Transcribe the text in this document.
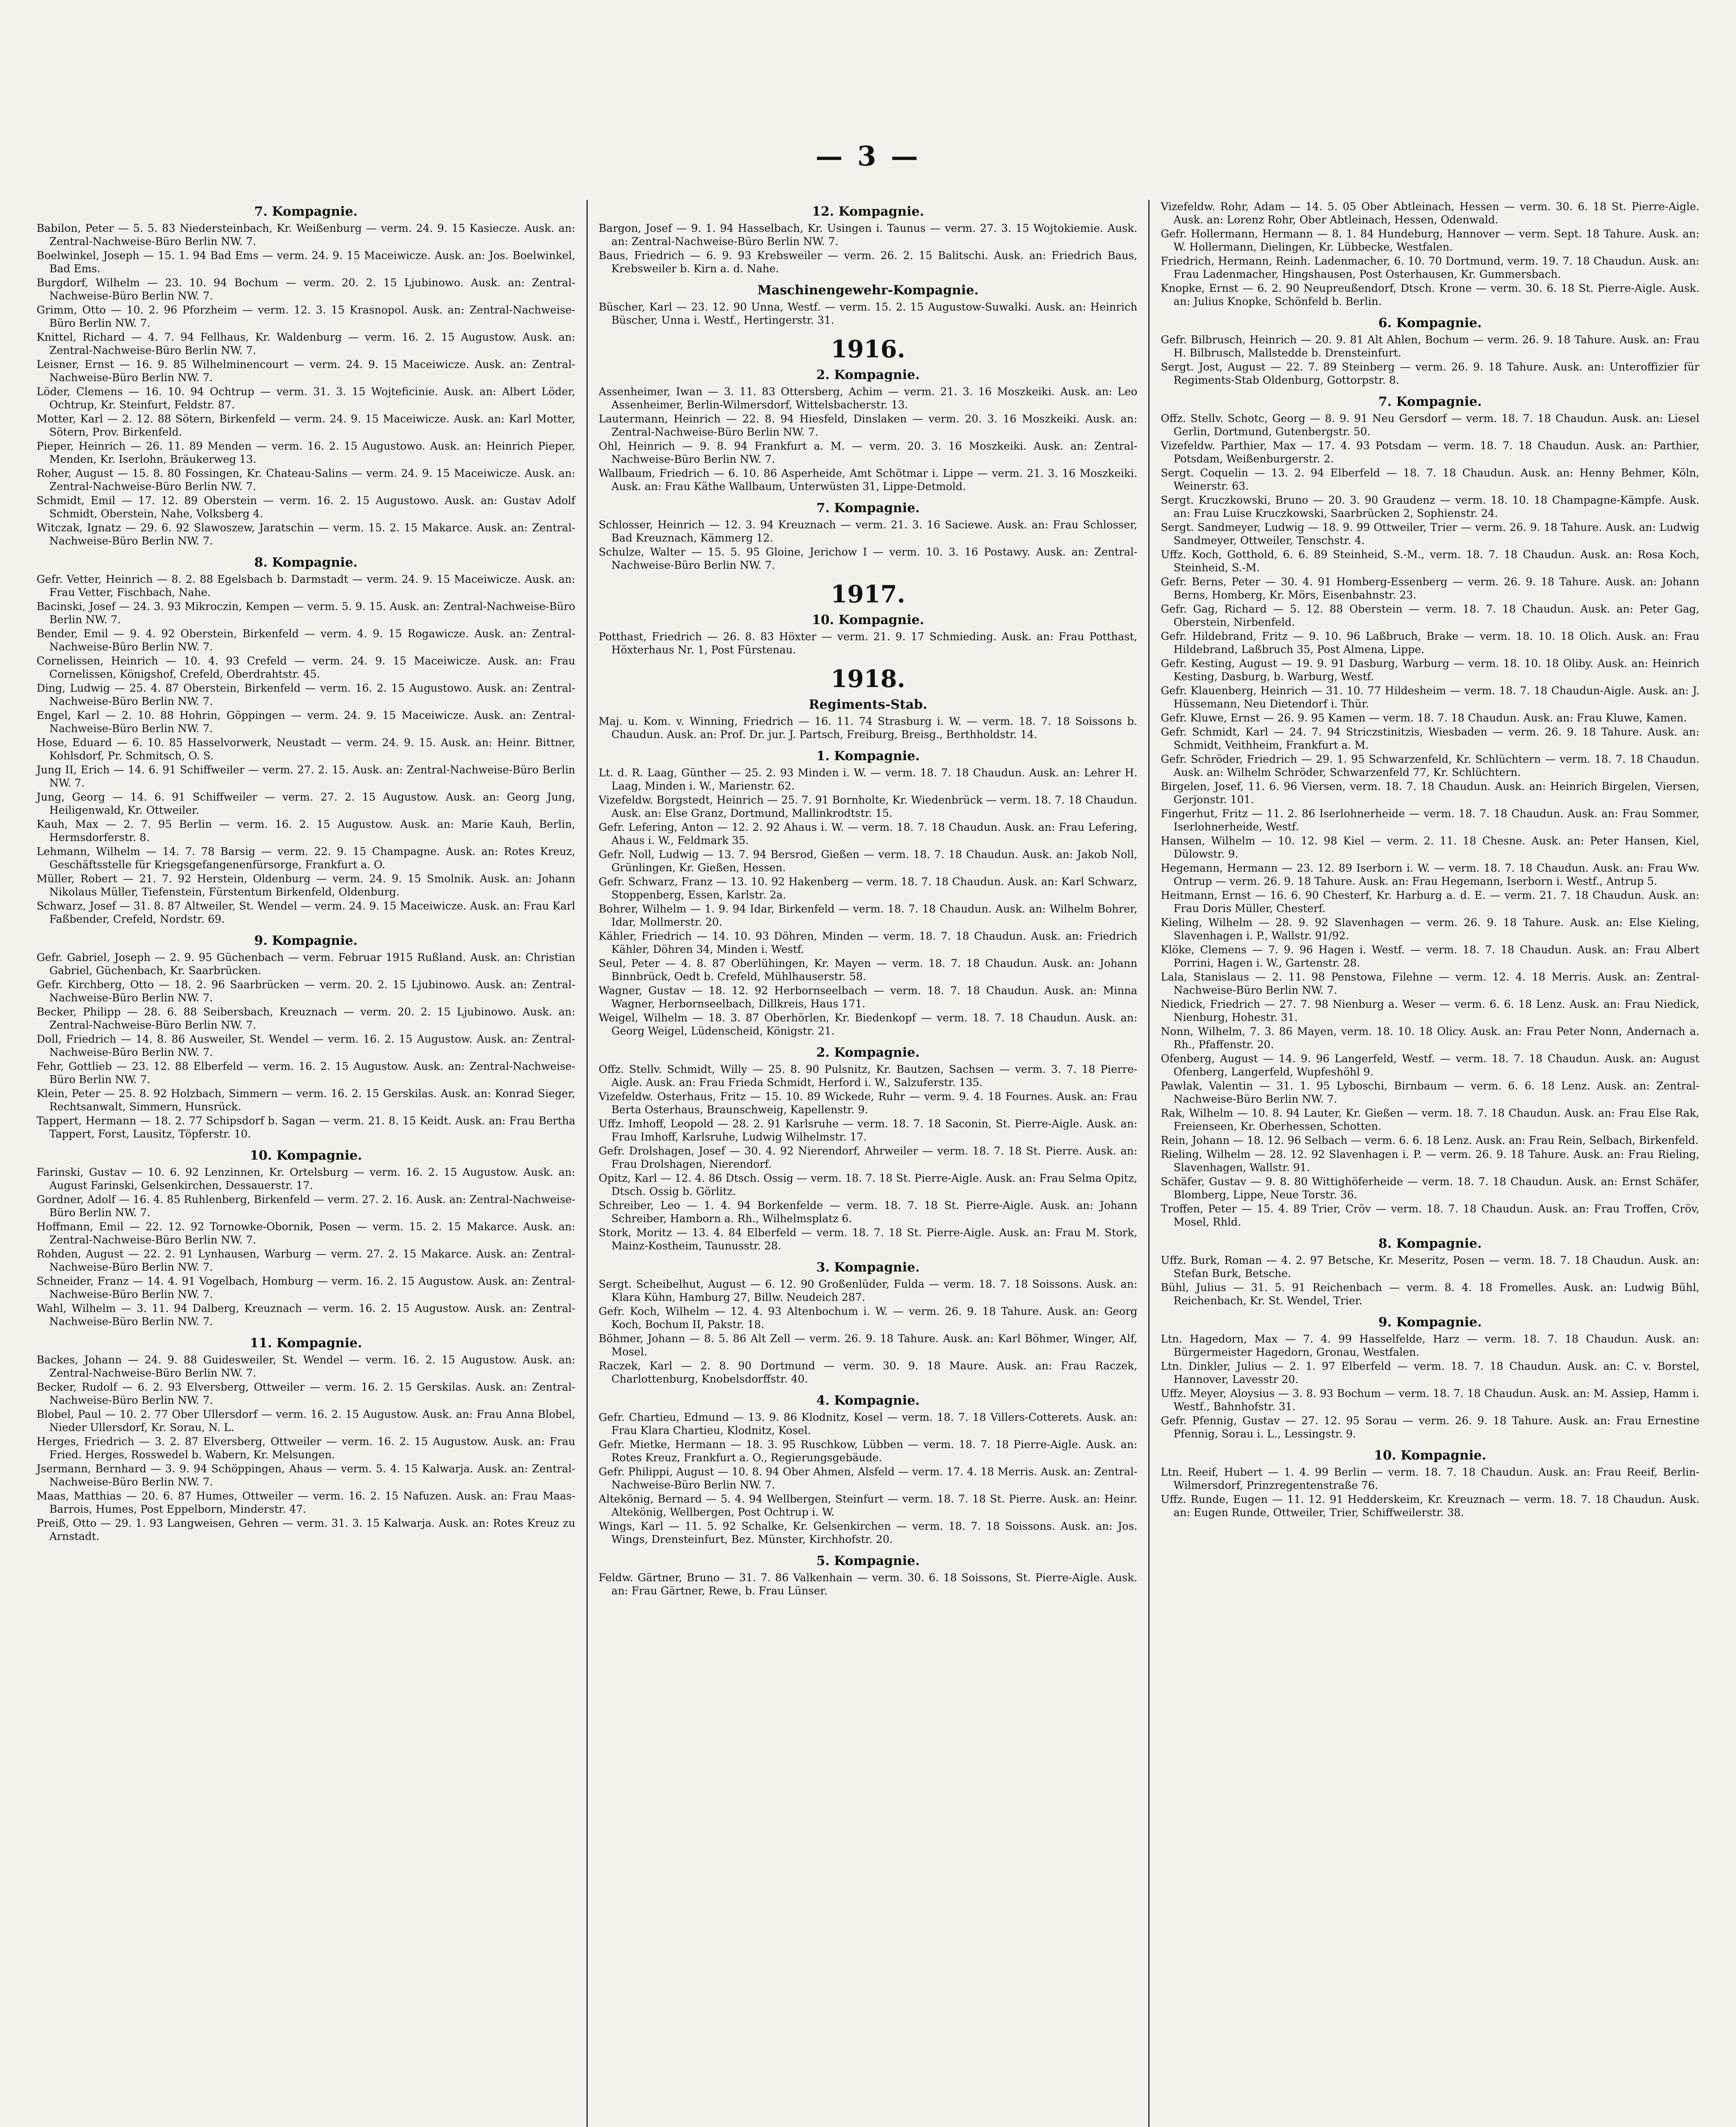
— 3 —
7. Kompagnie.
Babilon, Peter — 5. 5. 83 Niedersteinbach, Kr. Weißenburg — verm. 24. 9. 15 Kasiecze. Ausk. an: Zentral-Nachweise-Büro Berlin NW. 7.
Boelwinkel, Joseph — 15. 1. 94 Bad Ems — verm. 24. 9. 15 Maceiwicze. Ausk. an: Jos. Boelwinkel, Bad Ems.
Burgdorf, Wilhelm — 23. 10. 94 Bochum — verm. 20. 2. 15 Ljubinowo. Ausk. an: Zentral-Nachweise-Büro Berlin NW. 7.
Grimm, Otto — 10. 2. 96 Pforzheim — verm. 12. 3. 15 Krasnopol. Ausk. an: Zentral-Nachweise-Büro Berlin NW. 7.
Knittel, Richard — 4. 7. 94 Fellhaus, Kr. Waldenburg — verm. 16. 2. 15 Augustow. Ausk. an: Zentral-Nachweise-Büro Berlin NW. 7.
Leisner, Ernst — 16. 9. 85 Wilhelminencourt — verm. 24. 9. 15 Maceiwicze. Ausk. an: Zentral-Nachweise-Büro Berlin NW. 7.
Löder, Clemens — 16. 10. 94 Ochtrup — verm. 31. 3. 15 Wojteficinie. Ausk. an: Albert Löder, Ochtrup, Kr. Steinfurt, Feldstr. 87.
Motter, Karl — 2. 12. 88 Sötern, Birkenfeld — verm. 24. 9. 15 Maceiwicze. Ausk. an: Karl Motter, Sötern, Prov. Birkenfeld.
Pieper, Heinrich — 26. 11. 89 Menden — verm. 16. 2. 15 Augustowo. Ausk. an: Heinrich Pieper, Menden, Kr. Iserlohn, Bräukerweg 13.
Roher, August — 15. 8. 80 Fossingen, Kr. Chateau-Salins — verm. 24. 9. 15 Maceiwicze. Ausk. an: Zentral-Nachweise-Büro Berlin NW. 7.
Schmidt, Emil — 17. 12. 89 Oberstein — verm. 16. 2. 15 Augustowo. Ausk. an: Gustav Adolf Schmidt, Oberstein, Nahe, Volksberg 4.
Witczak, Ignatz — 29. 6. 92 Slawoszew, Jaratschin — verm. 15. 2. 15 Makarce. Ausk. an: Zentral-Nachweise-Büro Berlin NW. 7.
8. Kompagnie.
Gefr. Vetter, Heinrich — 8. 2. 88 Egelsbach b. Darmstadt — verm. 24. 9. 15 Maceiwicze. Ausk. an: Frau Vetter, Fischbach, Nahe.
Bacinski, Josef — 24. 3. 93 Mikroczin, Kempen — verm. 5. 9. 15. Ausk. an: Zentral-Nachweise-Büro Berlin NW. 7.
Bender, Emil — 9. 4. 92 Oberstein, Birkenfeld — verm. 4. 9. 15 Rogawicze. Ausk. an: Zentral-Nachweise-Büro Berlin NW. 7.
Cornelissen, Heinrich — 10. 4. 93 Crefeld — verm. 24. 9. 15 Maceiwicze. Ausk. an: Frau Cornelissen, Königshof, Crefeld, Oberdrahtstr. 45.
Ding, Ludwig — 25. 4. 87 Oberstein, Birkenfeld — verm. 16. 2. 15 Augustowo. Ausk. an: Zentral-Nachweise-Büro Berlin NW. 7.
Engel, Karl — 2. 10. 88 Hohrin, Göppingen — verm. 24. 9. 15 Maceiwicze. Ausk. an: Zentral-Nachweise-Büro Berlin NW. 7.
Hose, Eduard — 6. 10. 85 Hasselvorwerk, Neustadt — verm. 24. 9. 15. Ausk. an: Heinr. Bittner, Kohlsdorf, Pr. Schmitsch, O. S.
Jung II, Erich — 14. 6. 91 Schiffweiler — verm. 27. 2. 15. Ausk. an: Zentral-Nachweise-Büro Berlin NW. 7.
Jung, Georg — 14. 6. 91 Schiffweiler — verm. 27. 2. 15 Augustow. Ausk. an: Georg Jung, Heiligenwald, Kr. Ottweiler.
Kauh, Max — 2. 7. 95 Berlin — verm. 16. 2. 15 Augustow. Ausk. an: Marie Kauh, Berlin, Hermsdorferstr. 8.
Lehmann, Wilhelm — 14. 7. 78 Barsig — verm. 22. 9. 15 Champagne. Ausk. an: Rotes Kreuz, Geschäftsstelle für Kriegsgefangenenfürsorge, Frankfurt a. O.
Müller, Robert — 21. 7. 92 Herstein, Oldenburg — verm. 24. 9. 15 Smolnik. Ausk. an: Johann Nikolaus Müller, Tiefenstein, Fürstentum Birkenfeld, Oldenburg.
Schwarz, Josef — 31. 8. 87 Altweiler, St. Wendel — verm. 24. 9. 15 Maceiwicze. Ausk. an: Frau Karl Faßbender, Crefeld, Nordstr. 69.
9. Kompagnie.
Gefr. Gabriel, Joseph — 2. 9. 95 Güchenbach — verm. Februar 1915 Rußland. Ausk. an: Christian Gabriel, Güchenbach, Kr. Saarbrücken.
Gefr. Kirchberg, Otto — 18. 2. 96 Saarbrücken — verm. 20. 2. 15 Ljubinowo. Ausk. an: Zentral-Nachweise-Büro Berlin NW. 7.
Becker, Philipp — 28. 6. 88 Seibersbach, Kreuznach — verm. 20. 2. 15 Ljubinowo. Ausk. an: Zentral-Nachweise-Büro Berlin NW. 7.
Doll, Friedrich — 14. 8. 86 Ausweiler, St. Wendel — verm. 16. 2. 15 Augustow. Ausk. an: Zentral-Nachweise-Büro Berlin NW. 7.
Fehr, Gottlieb — 23. 12. 88 Elberfeld — verm. 16. 2. 15 Augustow. Ausk. an: Zentral-Nachweise-Büro Berlin NW. 7.
Klein, Peter — 25. 8. 92 Holzbach, Simmern — verm. 16. 2. 15 Gerskilas. Ausk. an: Konrad Sieger, Rechtsanwalt, Simmern, Hunsrück.
Tappert, Hermann — 18. 2. 77 Schipsdorf b. Sagan — verm. 21. 8. 15 Keidt. Ausk. an: Frau Bertha Tappert, Forst, Lausitz, Töpferstr. 10.
10. Kompagnie.
Farinski, Gustav — 10. 6. 92 Lenzinnen, Kr. Ortelsburg — verm. 16. 2. 15 Augustow. Ausk. an: August Farinski, Gelsenkirchen, Dessauerstr. 17.
Gordner, Adolf — 16. 4. 85 Ruhlenberg, Birkenfeld — verm. 27. 2. 16. Ausk. an: Zentral-Nachweise-Büro Berlin NW. 7.
Hoffmann, Emil — 22. 12. 92 Tornowke-Obornik, Posen — verm. 15. 2. 15 Makarce. Ausk. an: Zentral-Nachweise-Büro Berlin NW. 7.
Rohden, August — 22. 2. 91 Lynhausen, Warburg — verm. 27. 2. 15 Makarce. Ausk. an: Zentral-Nachweise-Büro Berlin NW. 7.
Schneider, Franz — 14. 4. 91 Vogelbach, Homburg — verm. 16. 2. 15 Augustow. Ausk. an: Zentral-Nachweise-Büro Berlin NW. 7.
Wahl, Wilhelm — 3. 11. 94 Dalberg, Kreuznach — verm. 16. 2. 15 Augustow. Ausk. an: Zentral-Nachweise-Büro Berlin NW. 7.
11. Kompagnie.
Backes, Johann — 24. 9. 88 Guidesweiler, St. Wendel — verm. 16. 2. 15 Augustow. Ausk. an: Zentral-Nachweise-Büro Berlin NW. 7.
Becker, Rudolf — 6. 2. 93 Elversberg, Ottweiler — verm. 16. 2. 15 Gerskilas. Ausk. an: Zentral-Nachweise-Büro Berlin NW. 7.
Blobel, Paul — 10. 2. 77 Ober Ullersdorf — verm. 16. 2. 15 Augustow. Ausk. an: Frau Anna Blobel, Nieder Ullersdorf, Kr. Sorau, N. L.
Herges, Friedrich — 3. 2. 87 Elversberg, Ottweiler — verm. 16. 2. 15 Augustow. Ausk. an: Frau Fried. Herges, Rosswedel b. Wabern, Kr. Melsungen.
Jsermann, Bernhard — 3. 9. 94 Schöppingen, Ahaus — verm. 5. 4. 15 Kalwarja. Ausk. an: Zentral-Nachweise-Büro Berlin NW. 7.
Maas, Matthias — 20. 6. 87 Humes, Ottweiler — verm. 16. 2. 15 Nafuzen. Ausk. an: Frau Maas-Barrois, Humes, Post Eppelborn, Minderstr. 47.
Preiß, Otto — 29. 1. 93 Langweisen, Gehren — verm. 31. 3. 15 Kalwarja. Ausk. an: Rotes Kreuz zu Arnstadt.
12. Kompagnie.
Bargon, Josef — 9. 1. 94 Hasselbach, Kr. Usingen i. Taunus — verm. 27. 3. 15 Wojtokiemie. Ausk. an: Zentral-Nachweise-Büro Berlin NW. 7.
Baus, Friedrich — 6. 9. 93 Krebsweiler — verm. 26. 2. 15 Balitschi. Ausk. an: Friedrich Baus, Krebsweiler b. Kirn a. d. Nahe.
Maschinengewehr-Kompagnie.
Büscher, Karl — 23. 12. 90 Unna, Westf. — verm. 15. 2. 15 Augustow-Suwalki. Ausk. an: Heinrich Büscher, Unna i. Westf., Hertingerstr. 31.
1916.
2. Kompagnie.
Assenheimer, Iwan — 3. 11. 83 Ottersberg, Achim — verm. 21. 3. 16 Moszkeiki. Ausk. an: Leo Assenheimer, Berlin-Wilmersdorf, Wittelsbacherstr. 13.
Lautermann, Heinrich — 22. 8. 94 Hiesfeld, Dinslaken — verm. 20. 3. 16 Moszkeiki. Ausk. an: Zentral-Nachweise-Büro Berlin NW. 7.
Ohl, Heinrich — 9. 8. 94 Frankfurt a. M. — verm. 20. 3. 16 Moszkeiki. Ausk. an: Zentral-Nachweise-Büro Berlin NW. 7.
Wallbaum, Friedrich — 6. 10. 86 Asperheide, Amt Schötmar i. Lippe — verm. 21. 3. 16 Moszkeiki. Ausk. an: Frau Käthe Wallbaum, Unterwüsten 31, Lippe-Detmold.
7. Kompagnie.
Schlosser, Heinrich — 12. 3. 94 Kreuznach — verm. 21. 3. 16 Saciewe. Ausk. an: Frau Schlosser, Bad Kreuznach, Kämmerg 12.
Schulze, Walter — 15. 5. 95 Gloine, Jerichow I — verm. 10. 3. 16 Postawy. Ausk. an: Zentral-Nachweise-Büro Berlin NW. 7.
1917.
10. Kompagnie.
Potthast, Friedrich — 26. 8. 83 Höxter — verm. 21. 9. 17 Schmieding. Ausk. an: Frau Potthast, Höxterhaus Nr. 1, Post Fürstenau.
1918.
Regiments-Stab.
Maj. u. Kom. v. Winning, Friedrich — 16. 11. 74 Strasburg i. W. — verm. 18. 7. 18 Soissons b. Chaudun. Ausk. an: Prof. Dr. jur. J. Partsch, Freiburg, Breisg., Berthholdstr. 14.
1. Kompagnie.
Lt. d. R. Laag, Günther — 25. 2. 93 Minden i. W. — verm. 18. 7. 18 Chaudun. Ausk. an: Lehrer H. Laag, Minden i. W., Marienstr. 62.
Vizefeldw. Borgstedt, Heinrich — 25. 7. 91 Bornholte, Kr. Wiedenbrück — verm. 18. 7. 18 Chaudun. Ausk. an: Else Granz, Dortmund, Mallinkrodtstr. 15.
Gefr. Lefering, Anton — 12. 2. 92 Ahaus i. W. — verm. 18. 7. 18 Chaudun. Ausk. an: Frau Lefering, Ahaus i. W., Feldmark 35.
Gefr. Noll, Ludwig — 13. 7. 94 Bersrod, Gießen — verm. 18. 7. 18 Chaudun. Ausk. an: Jakob Noll, Grünlingen, Kr. Gießen, Hessen.
Gefr. Schwarz, Franz — 13. 10. 92 Hakenberg — verm. 18. 7. 18 Chaudun. Ausk. an: Karl Schwarz, Stoppenberg, Essen, Karlstr. 2a.
Bohrer, Wilhelm — 1. 9. 94 Idar, Birkenfeld — verm. 18. 7. 18 Chaudun. Ausk. an: Wilhelm Bohrer, Idar, Mollmerstr. 20.
Kähler, Friedrich — 14. 10. 93 Döhren, Minden — verm. 18. 7. 18 Chaudun. Ausk. an: Friedrich Kähler, Döhren 34, Minden i. Westf.
Seul, Peter — 4. 8. 87 Oberlühingen, Kr. Mayen — verm. 18. 7. 18 Chaudun. Ausk. an: Johann Binnbrück, Oedt b. Crefeld, Mühlhauserstr. 58.
Wagner, Gustav — 18. 12. 92 Herbornseelbach — verm. 18. 7. 18 Chaudun. Ausk. an: Minna Wagner, Herbornseelbach, Dillkreis, Haus 171.
Weigel, Wilhelm — 18. 3. 87 Oberhörlen, Kr. Biedenkopf — verm. 18. 7. 18 Chaudun. Ausk. an: Georg Weigel, Lüdenscheid, Königstr. 21.
2. Kompagnie.
Offz. Stellv. Schmidt, Willy — 25. 8. 90 Pulsnitz, Kr. Bautzen, Sachsen — verm. 3. 7. 18 Pierre-Aigle. Ausk. an: Frau Frieda Schmidt, Herford i. W., Salzuferstr. 135.
Vizefeldw. Osterhaus, Fritz — 15. 10. 89 Wickede, Ruhr — verm. 9. 4. 18 Fournes. Ausk. an: Frau Berta Osterhaus, Braunschweig, Kapellenstr. 9.
Uffz. Imhoff, Leopold — 28. 2. 91 Karlsruhe — verm. 18. 7. 18 Saconin, St. Pierre-Aigle. Ausk. an: Frau Imhoff, Karlsruhe, Ludwig Wilhelmstr. 17.
Gefr. Drolshagen, Josef — 30. 4. 92 Nierendorf, Ahrweiler — verm. 18. 7. 18 St. Pierre. Ausk. an: Frau Drolshagen, Nierendorf.
Opitz, Karl — 12. 4. 86 Dtsch. Ossig — verm. 18. 7. 18 St. Pierre-Aigle. Ausk. an: Frau Selma Opitz, Dtsch. Ossig b. Görlitz.
Schreiber, Leo — 1. 4. 94 Borkenfelde — verm. 18. 7. 18 St. Pierre-Aigle. Ausk. an: Johann Schreiber, Hamborn a. Rh., Wilhelmsplatz 6.
Stork, Moritz — 13. 4. 84 Elberfeld — verm. 18. 7. 18 St. Pierre-Aigle. Ausk. an: Frau M. Stork, Mainz-Kostheim, Taunusstr. 28.
3. Kompagnie.
Sergt. Scheibelhut, August — 6. 12. 90 Großenlüder, Fulda — verm. 18. 7. 18 Soissons. Ausk. an: Klara Kühn, Hamburg 27, Billw. Neudeich 287.
Gefr. Koch, Wilhelm — 12. 4. 93 Altenbochum i. W. — verm. 26. 9. 18 Tahure. Ausk. an: Georg Koch, Bochum II, Pakstr. 18.
Böhmer, Johann — 8. 5. 86 Alt Zell — verm. 26. 9. 18 Tahure. Ausk. an: Karl Böhmer, Winger, Alf, Mosel.
Raczek, Karl — 2. 8. 90 Dortmund — verm. 30. 9. 18 Maure. Ausk. an: Frau Raczek, Charlottenburg, Knobelsdorffstr. 40.
4. Kompagnie.
Gefr. Chartieu, Edmund — 13. 9. 86 Klodnitz, Kosel — verm. 18. 7. 18 Villers-Cotterets. Ausk. an: Frau Klara Chartieu, Klodnitz, Kosel.
Gefr. Mietke, Hermann — 18. 3. 95 Ruschkow, Lübben — verm. 18. 7. 18 Pierre-Aigle. Ausk. an: Rotes Kreuz, Frankfurt a. O., Regierungsgebäude.
Gefr. Philippi, August — 10. 8. 94 Ober Ahmen, Alsfeld — verm. 17. 4. 18 Merris. Ausk. an: Zentral-Nachweise-Büro Berlin NW. 7.
Altekönig, Bernard — 5. 4. 94 Wellbergen, Steinfurt — verm. 18. 7. 18 St. Pierre. Ausk. an: Heinr. Altekönig, Wellbergen, Post Ochtrup i. W.
Wings, Karl — 11. 5. 92 Schalke, Kr. Gelsenkirchen — verm. 18. 7. 18 Soissons. Ausk. an: Jos. Wings, Drensteinfurt, Bez. Münster, Kirchhofstr. 20.
5. Kompagnie.
Feldw. Gärtner, Bruno — 31. 7. 86 Valkenhain — verm. 30. 6. 18 Soissons, St. Pierre-Aigle. Ausk. an: Frau Gärtner, Rewe, b. Frau Lünser.
Vizefeldw. Rohr, Adam — 14. 5. 05 Ober Abtleinach, Hessen — verm. 30. 6. 18 St. Pierre-Aigle. Ausk. an: Lorenz Rohr, Ober Abtleinach, Hessen, Odenwald.
Gefr. Hollermann, Hermann — 8. 1. 84 Hundeburg, Hannover — verm. Sept. 18 Tahure. Ausk. an: W. Hollermann, Dielingen, Kr. Lübbecke, Westfalen.
Friedrich, Hermann, Reinh. Ladenmacher, 6. 10. 70 Dortmund, verm. 19. 7. 18 Chaudun. Ausk. an: Frau Ladenmacher, Hingshausen, Post Osterhausen, Kr. Gummersbach.
Knopke, Ernst — 6. 2. 90 Neupreußendorf, Dtsch. Krone — verm. 30. 6. 18 St. Pierre-Aigle. Ausk. an: Julius Knopke, Schönfeld b. Berlin.
6. Kompagnie.
Gefr. Bilbrusch, Heinrich — 20. 9. 81 Alt Ahlen, Bochum — verm. 26. 9. 18 Tahure. Ausk. an: Frau H. Bilbrusch, Mallstedde b. Drensteinfurt.
Sergt. Jost, August — 22. 7. 89 Steinberg — verm. 26. 9. 18 Tahure. Ausk. an: Unteroffizier für Regiments-Stab Oldenburg, Gottorpstr. 8.
7. Kompagnie.
Offz. Stellv. Schotc, Georg — 8. 9. 91 Neu Gersdorf — verm. 18. 7. 18 Chaudun. Ausk. an: Liesel Gerlin, Dortmund, Gutenbergstr. 50.
Vizefeldw. Parthier, Max — 17. 4. 93 Potsdam — verm. 18. 7. 18 Chaudun. Ausk. an: Parthier, Potsdam, Weißenburgerstr. 2.
Sergt. Coquelin — 13. 2. 94 Elberfeld — 18. 7. 18 Chaudun. Ausk. an: Henny Behmer, Köln, Weinerstr. 63.
Sergt. Kruczkowski, Bruno — 20. 3. 90 Graudenz — verm. 18. 10. 18 Champagne-Kämpfe. Ausk. an: Frau Luise Kruczkowski, Saarbrücken 2, Sophienstr. 24.
Sergt. Sandmeyer, Ludwig — 18. 9. 99 Ottweiler, Trier — verm. 26. 9. 18 Tahure. Ausk. an: Ludwig Sandmeyer, Ottweiler, Tenschstr. 4.
Uffz. Koch, Gotthold, 6. 6. 89 Steinheid, S.-M., verm. 18. 7. 18 Chaudun. Ausk. an: Rosa Koch, Steinheid, S.-M.
Gefr. Berns, Peter — 30. 4. 91 Homberg-Essenberg — verm. 26. 9. 18 Tahure. Ausk. an: Johann Berns, Homberg, Kr. Mörs, Eisenbahnstr. 23.
Gefr. Gag, Richard — 5. 12. 88 Oberstein — verm. 18. 7. 18 Chaudun. Ausk. an: Peter Gag, Oberstein, Nirbenfeld.
Gefr. Hildebrand, Fritz — 9. 10. 96 Laßbruch, Brake — verm. 18. 10. 18 Olich. Ausk. an: Frau Hildebrand, Laßbruch 35, Post Almena, Lippe.
Gefr. Kesting, August — 19. 9. 91 Dasburg, Warburg — verm. 18. 10. 18 Oliby. Ausk. an: Heinrich Kesting, Dasburg, b. Warburg, Westf.
Gefr. Klauenberg, Heinrich — 31. 10. 77 Hildesheim — verm. 18. 7. 18 Chaudun-Aigle. Ausk. an: J. Hüssemann, Neu Dietendorf i. Thür.
Gefr. Kluwe, Ernst — 26. 9. 95 Kamen — verm. 18. 7. 18 Chaudun. Ausk. an: Frau Kluwe, Kamen.
Gefr. Schmidt, Karl — 24. 7. 94 Striczstinitzis, Wiesbaden — verm. 26. 9. 18 Tahure. Ausk. an: Schmidt, Veithheim, Frankfurt a. M.
Gefr. Schröder, Friedrich — 29. 1. 95 Schwarzenfeld, Kr. Schlüchtern — verm. 18. 7. 18 Chaudun. Ausk. an: Wilhelm Schröder, Schwarzenfeld 77, Kr. Schlüchtern.
Birgelen, Josef, 11. 6. 96 Viersen, verm. 18. 7. 18 Chaudun. Ausk. an: Heinrich Birgelen, Viersen, Gerjonstr. 101.
Fingerhut, Fritz — 11. 2. 86 Iserlohnerheide — verm. 18. 7. 18 Chaudun. Ausk. an: Frau Sommer, Iserlohnerheide, Westf.
Hansen, Wilhelm — 10. 12. 98 Kiel — verm. 2. 11. 18 Chesne. Ausk. an: Peter Hansen, Kiel, Dülowstr. 9.
Hegemann, Hermann — 23. 12. 89 Iserborn i. W. — verm. 18. 7. 18 Chaudun. Ausk. an: Frau Ww. Ontrup — verm. 26. 9. 18 Tahure. Ausk. an: Frau Hegemann, Iserborn i. Westf., Antrup 5.
Heitmann, Ernst — 16. 6. 90 Chesterf, Kr. Harburg a. d. E. — verm. 21. 7. 18 Chaudun. Ausk. an: Frau Doris Müller, Chesterf.
Kieling, Wilhelm — 28. 9. 92 Slavenhagen — verm. 26. 9. 18 Tahure. Ausk. an: Else Kieling, Slavenhagen i. P., Wallstr. 91/92.
Klöke, Clemens — 7. 9. 96 Hagen i. Westf. — verm. 18. 7. 18 Chaudun. Ausk. an: Frau Albert Porrini, Hagen i. W., Gartenstr. 28.
Lala, Stanislaus — 2. 11. 98 Penstowa, Filehne — verm. 12. 4. 18 Merris. Ausk. an: Zentral-Nachweise-Büro Berlin NW. 7.
Niedick, Friedrich — 27. 7. 98 Nienburg a. Weser — verm. 6. 6. 18 Lenz. Ausk. an: Frau Niedick, Nienburg, Hohestr. 31.
Nonn, Wilhelm, 7. 3. 86 Mayen, verm. 18. 10. 18 Olicy. Ausk. an: Frau Peter Nonn, Andernach a. Rh., Pfaffenstr. 20.
Ofenberg, August — 14. 9. 96 Langerfeld, Westf. — verm. 18. 7. 18 Chaudun. Ausk. an: August Ofenberg, Langerfeld, Wupfeshöhl 9.
Pawlak, Valentin — 31. 1. 95 Lyboschi, Birnbaum — verm. 6. 6. 18 Lenz. Ausk. an: Zentral-Nachweise-Büro Berlin NW. 7.
Rak, Wilhelm — 10. 8. 94 Lauter, Kr. Gießen — verm. 18. 7. 18 Chaudun. Ausk. an: Frau Else Rak, Freienseen, Kr. Oberhessen, Schotten.
Rein, Johann — 18. 12. 96 Selbach — verm. 6. 6. 18 Lenz. Ausk. an: Frau Rein, Selbach, Birkenfeld.
Rieling, Wilhelm — 28. 12. 92 Slavenhagen i. P. — verm. 26. 9. 18 Tahure. Ausk. an: Frau Rieling, Slavenhagen, Wallstr. 91.
Schäfer, Gustav — 9. 8. 80 Wittighöferheide — verm. 18. 7. 18 Chaudun. Ausk. an: Ernst Schäfer, Blomberg, Lippe, Neue Torstr. 36.
Troffen, Peter — 15. 4. 89 Trier, Cröv — verm. 18. 7. 18 Chaudun. Ausk. an: Frau Troffen, Cröv, Mosel, Rhld.
8. Kompagnie.
Uffz. Burk, Roman — 4. 2. 97 Betsche, Kr. Meseritz, Posen — verm. 18. 7. 18 Chaudun. Ausk. an: Stefan Burk, Betsche.
Bühl, Julius — 31. 5. 91 Reichenbach — verm. 8. 4. 18 Fromelles. Ausk. an: Ludwig Bühl, Reichenbach, Kr. St. Wendel, Trier.
9. Kompagnie.
Ltn. Hagedorn, Max — 7. 4. 99 Hasselfelde, Harz — verm. 18. 7. 18 Chaudun. Ausk. an: Bürgermeister Hagedorn, Gronau, Westfalen.
Ltn. Dinkler, Julius — 2. 1. 97 Elberfeld — verm. 18. 7. 18 Chaudun. Ausk. an: C. v. Borstel, Hannover, Lavesstr 20.
Uffz. Meyer, Aloysius — 3. 8. 93 Bochum — verm. 18. 7. 18 Chaudun. Ausk. an: M. Assiep, Hamm i. Westf., Bahnhofstr. 31.
Gefr. Pfennig, Gustav — 27. 12. 95 Sorau — verm. 26. 9. 18 Tahure. Ausk. an: Frau Ernestine Pfennig, Sorau i. L., Lessingstr. 9.
10. Kompagnie.
Ltn. Reeif, Hubert — 1. 4. 99 Berlin — verm. 18. 7. 18 Chaudun. Ausk. an: Frau Reeif, Berlin-Wilmersdorf, Prinzregentenstraße 76.
Uffz. Runde, Eugen — 11. 12. 91 Hedderskeim, Kr. Kreuznach — verm. 18. 7. 18 Chaudun. Ausk. an: Eugen Runde, Ottweiler, Trier, Schiffweilerstr. 38.
